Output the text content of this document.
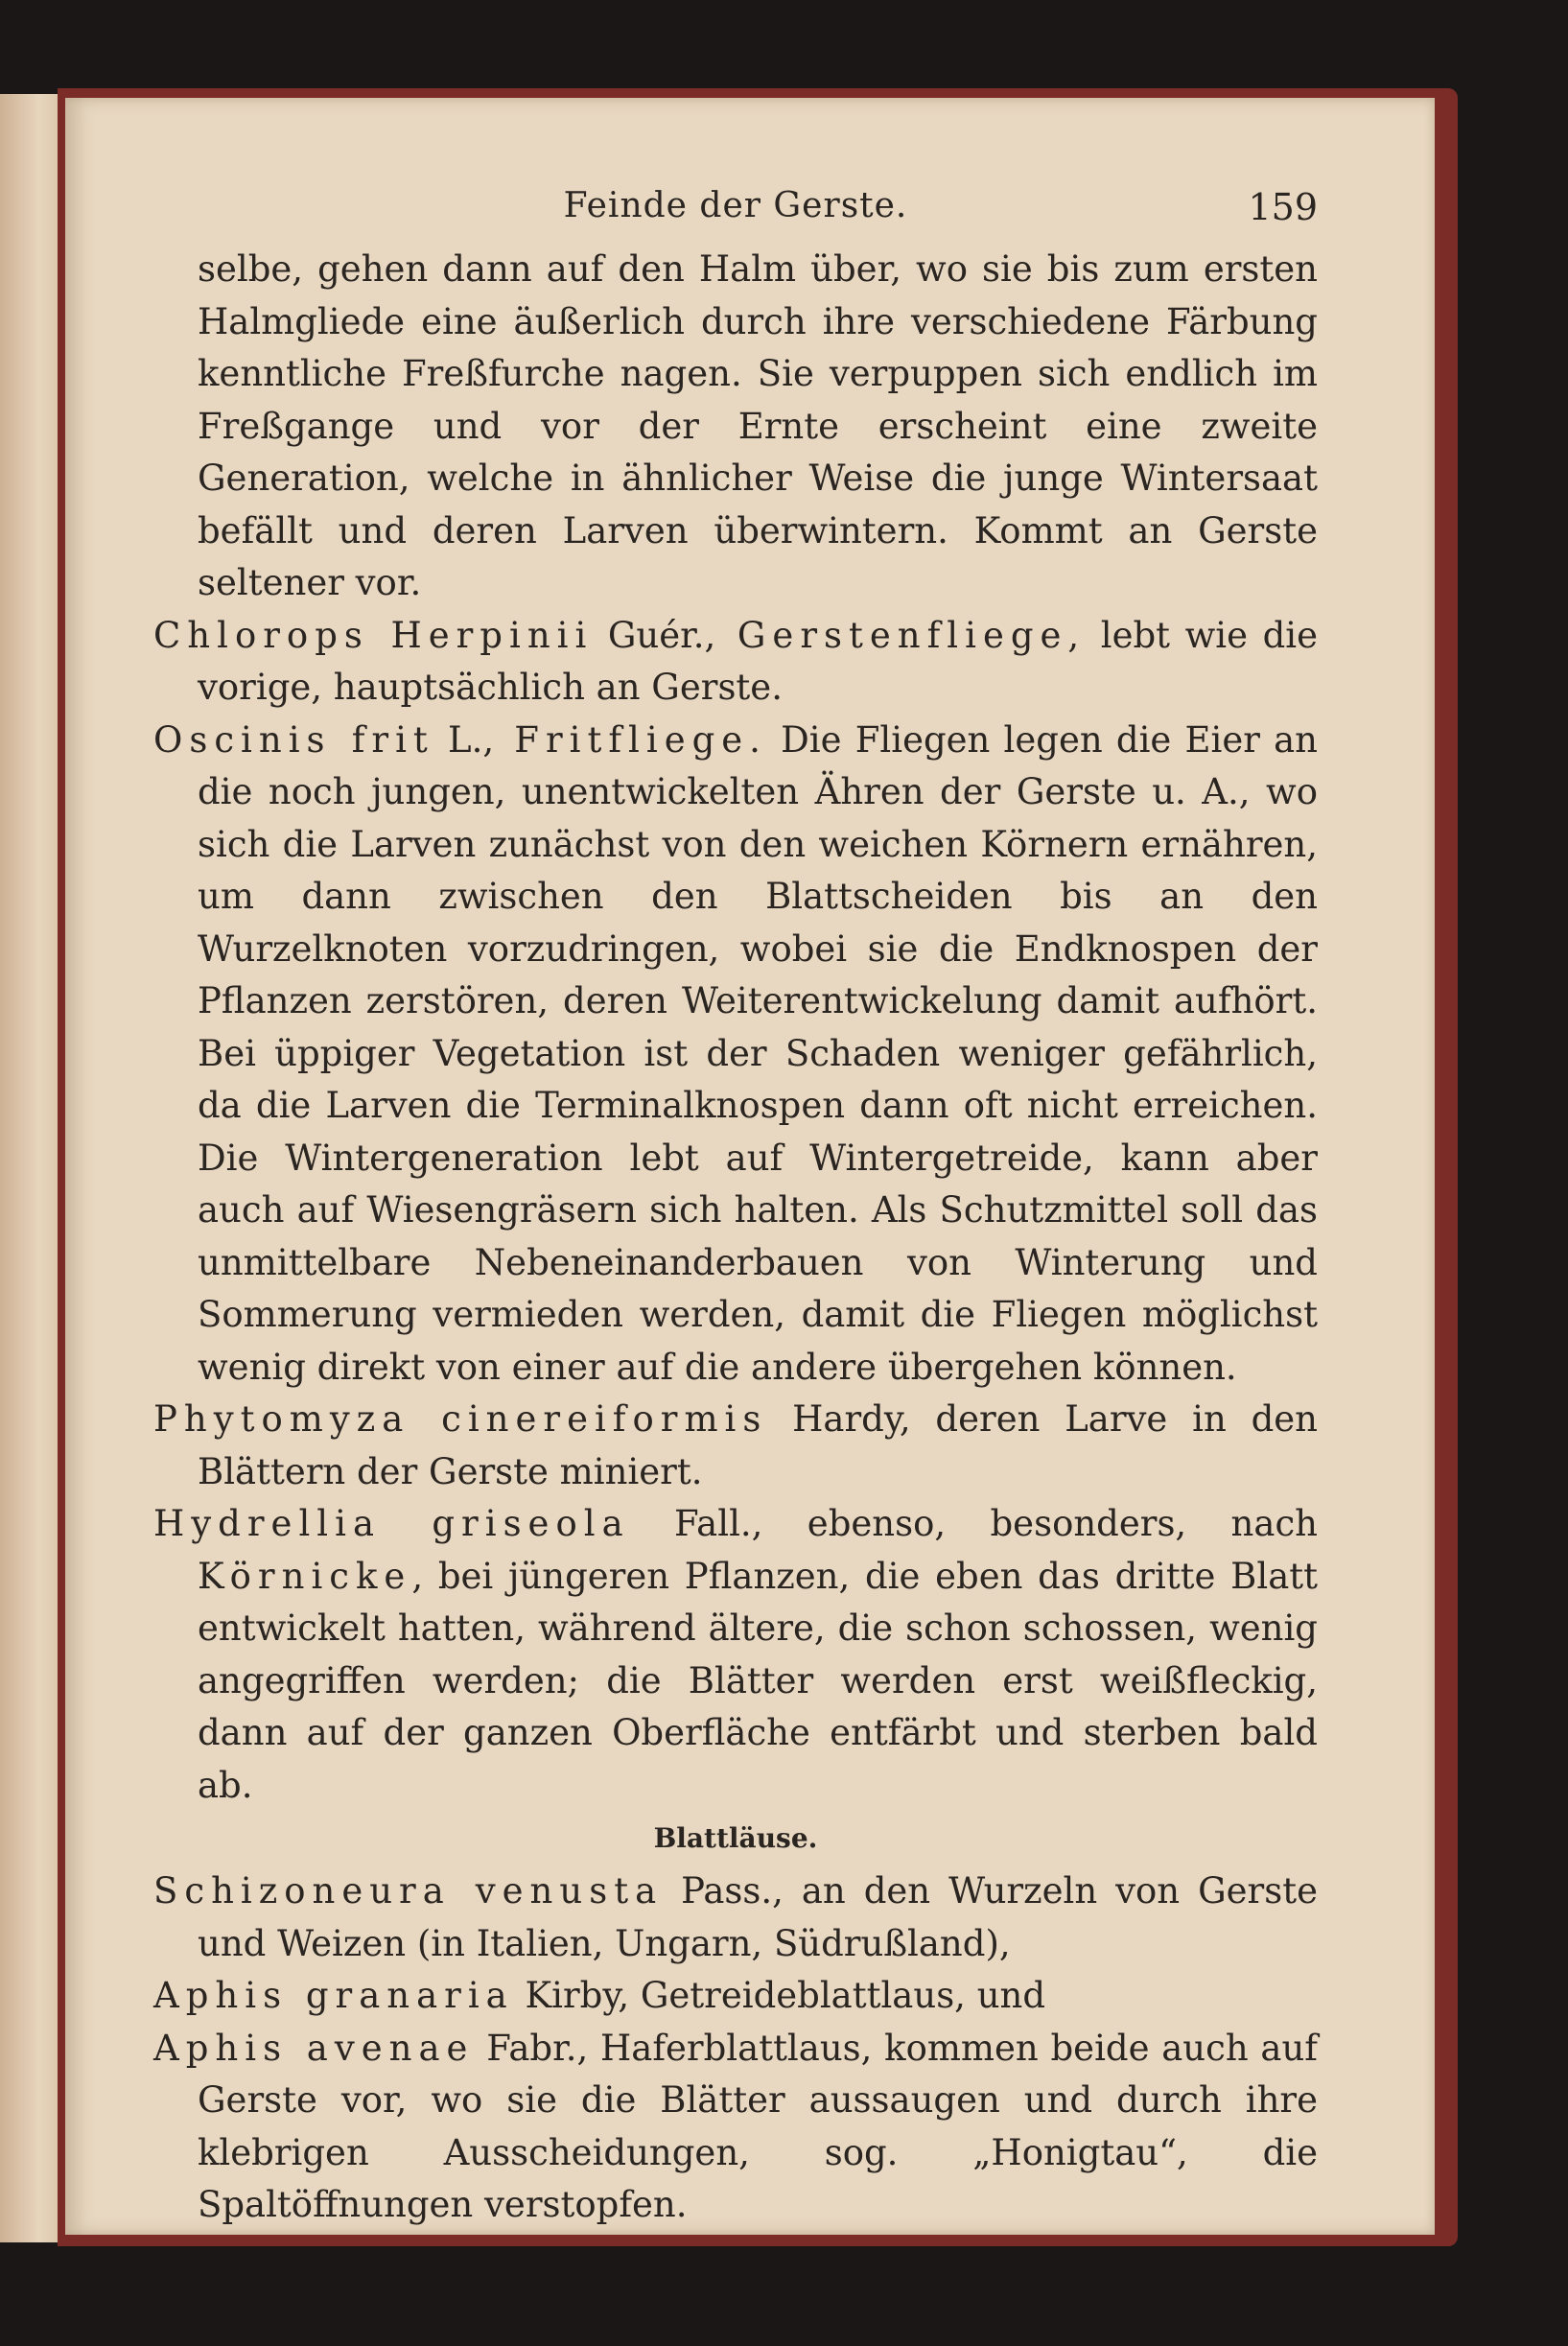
Feinde der Gerste.	159

selbe, gehen dann auf den Halm über, wo sie bis zum ersten Halmgliede eine äußerlich durch ihre verschiedene Färbung kenntliche Freßfurche nagen. Sie verpuppen sich endlich im Freßgange und vor der Ernte erscheint eine zweite Generation, welche in ähnlicher Weise die junge Wintersaat befällt und deren Larven überwintern. Kommt an Gerste seltener vor.

Chlorops Herpinii Guér., Gerstenfliege, lebt wie die vorige, hauptsächlich an Gerste.

Oscinis frit L., Fritfliege. Die Fliegen legen die Eier an die noch jungen, unentwickelten Ähren der Gerste u. A., wo sich die Larven zunächst von den weichen Körnern ernähren, um dann zwischen den Blattscheiden bis an den Wurzelknoten vorzudringen, wobei sie die Endknospen der Pflanzen zerstören, deren Weiterentwickelung damit aufhört. Bei üppiger Vegetation ist der Schaden weniger gefährlich, da die Larven die Terminalknospen dann oft nicht erreichen. Die Wintergeneration lebt auf Wintergetreide, kann aber auch auf Wiesengräsern sich halten. Als Schutzmittel soll das unmittelbare Nebeneinanderbauen von Winterung und Sommerung vermieden werden, damit die Fliegen möglichst wenig direkt von einer auf die andere übergehen können.

Phytomyza cinereiformis Hardy, deren Larve in den Blättern der Gerste miniert.

Hydrellia griseola Fall., ebenso, besonders, nach Körnicke, bei jüngeren Pflanzen, die eben das dritte Blatt entwickelt hatten, während ältere, die schon schossen, wenig angegriffen werden; die Blätter werden erst weißfleckig, dann auf der ganzen Oberfläche entfärbt und sterben bald ab.

Blattläuse.

Schizoneura venusta Pass., an den Wurzeln von Gerste und Weizen (in Italien, Ungarn, Südrußland),

Aphis granaria Kirby, Getreideblattlaus, und

Aphis avenae Fabr., Haferblattlaus, kommen beide auch auf Gerste vor, wo sie die Blätter aussaugen und durch ihre klebrigen Ausscheidungen, sog. „Honigtau“, die Spaltöffnungen verstopfen.
